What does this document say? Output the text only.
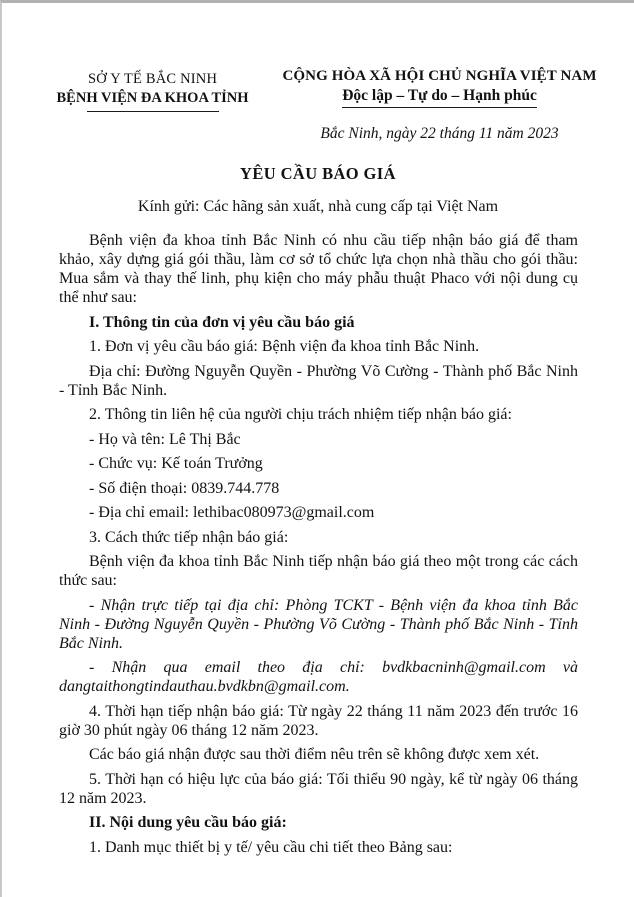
SỞ Y TẾ BẮC NINH
BỆNH VIỆN ĐA KHOA TỈNH
CỘNG HÒA XÃ HỘI CHỦ NGHĨA VIỆT NAM
Độc lập – Tự do – Hạnh phúc
Bắc Ninh, ngày 22 tháng 11 năm 2023
YÊU CẦU BÁO GIÁ
Kính gửi: Các hãng sản xuất, nhà cung cấp tại Việt Nam

Bệnh viện đa khoa tỉnh Bắc Ninh có nhu cầu tiếp nhận báo giá để tham khảo, xây dựng giá gói thầu, làm cơ sở tổ chức lựa chọn nhà thầu cho gói thầu: Mua sắm và thay thế linh, phụ kiện cho máy phẫu thuật Phaco với nội dung cụ thể như sau:

I. Thông tin của đơn vị yêu cầu báo giá

1. Đơn vị yêu cầu báo giá: Bệnh viện đa khoa tỉnh Bắc Ninh.

Địa chỉ: Đường Nguyễn Quyền - Phường Võ Cường - Thành phố Bắc Ninh - Tỉnh Bắc Ninh.

2. Thông tin liên hệ của người chịu trách nhiệm tiếp nhận báo giá:

- Họ và tên: Lê Thị Bắc

- Chức vụ: Kế toán Trưởng

- Số điện thoại: 0839.744.778

- Địa chỉ email: lethibac080973@gmail.com

3. Cách thức tiếp nhận báo giá:

Bệnh viện đa khoa tỉnh Bắc Ninh tiếp nhận báo giá theo một trong các cách thức sau:

- Nhận trực tiếp tại địa chỉ: Phòng TCKT - Bệnh viện đa khoa tỉnh Bắc Ninh - Đường Nguyễn Quyền - Phường Võ Cường - Thành phố Bắc Ninh - Tỉnh Bắc Ninh.

- Nhận qua email theo địa chỉ: bvdkbacninh@gmail.com và dangtaithongtindauthau.bvdkbn@gmail.com.

4. Thời hạn tiếp nhận báo giá: Từ ngày 22 tháng 11 năm 2023 đến trước 16 giờ 30 phút ngày 06 tháng 12 năm 2023.

Các báo giá nhận được sau thời điểm nêu trên sẽ không được xem xét.

5. Thời hạn có hiệu lực của báo giá: Tối thiểu 90 ngày, kể từ ngày 06 tháng 12 năm 2023.

II. Nội dung yêu cầu báo giá:

1. Danh mục thiết bị y tế/ yêu cầu chi tiết theo Bảng sau:
